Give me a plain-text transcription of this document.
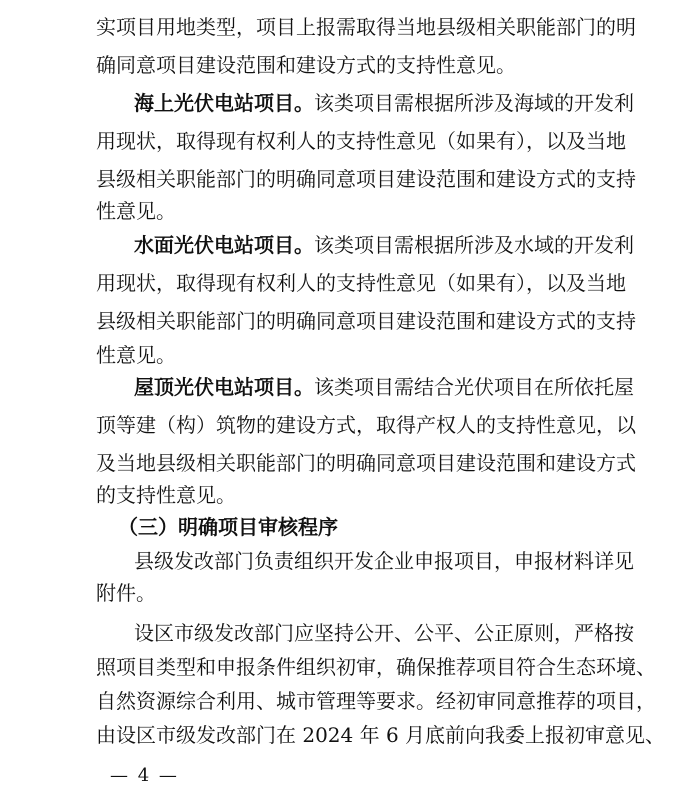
实项目用地类型，项目上报需取得当地县级相关职能部门的明
确同意项目建设范围和建设方式的支持性意见。
海上光伏电站项目。该类项目需根据所涉及海域的开发利
用现状，取得现有权利人的支持性意见（如果有），以及当地
县级相关职能部门的明确同意项目建设范围和建设方式的支持
性意见。
水面光伏电站项目。该类项目需根据所涉及水域的开发利
用现状，取得现有权利人的支持性意见（如果有），以及当地
县级相关职能部门的明确同意项目建设范围和建设方式的支持
性意见。
屋顶光伏电站项目。该类项目需结合光伏项目在所依托屋
顶等建（构）筑物的建设方式，取得产权人的支持性意见，以
及当地县级相关职能部门的明确同意项目建设范围和建设方式
的支持性意见。
（三）明确项目审核程序
县级发改部门负责组织开发企业申报项目，申报材料详见
附件。
设区市级发改部门应坚持公开、公平、公正原则，严格按
照项目类型和申报条件组织初审，确保推荐项目符合生态环境、
自然资源综合利用、城市管理等要求。经初审同意推荐的项目，
由设区市级发改部门在 2024 年 6 月底前向我委上报初审意见、
— 4 —
